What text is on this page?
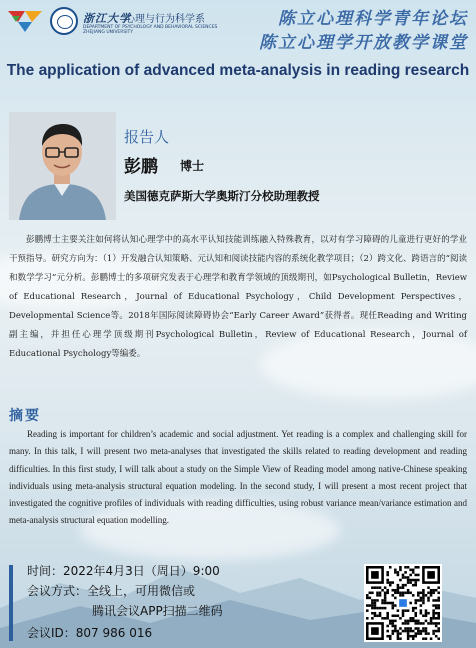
浙江大学
心理与行为科学系
DEPARTMENT OF PSYCHOLOGY AND BEHAVIORAL SCIENCES
ZHEJIANG UNIVERSITY
陈立心理科学青年论坛
陈立心理学开放教学课堂
The application of advanced meta-analysis in reading research
报告人
彭鹏 博士
美国德克萨斯大学奥斯汀分校助理教授

彭鹏博士主要关注如何将认知心理学中的高水平认知技能训练融入特殊教育，以对有学习障碍的儿童进行更好的学业干预指导。研究方向为：（1）开发融合认知策略、元认知和阅读技能内容的系统化教学项目；（2）跨文化、跨语言的“阅读和数学学习”元分析。彭鹏博士的多项研究发表于心理学和教育学领域的顶级期刊，如Psychological Bulletin，Review of Educational Research，Journal of Educational Psychology，Child Development Perspectives，Developmental Science等。2018年国际阅读障碍协会“Early Career Award”获得者。现任Reading and Writing副主编，并担任心理学顶级期刊Psychological Bulletin，Review of Educational Research，Journal of Educational Psychology等编委。

摘要

Reading is important for children’s academic and social adjustment. Yet reading is a complex and challenging skill for many. In this talk, I will present two meta-analyses that investigated the skills related to reading development and reading difficulties. In this first study, I will talk about a study on the Simple View of Reading model among native-Chinese speaking individuals using meta-analysis structural equation modeling. In the second study, I will present a most recent project that investigated the cognitive profiles of individuals with reading difficulties, using robust variance mean/variance estimation and meta-analysis structural equation modelling.

时间：2022年4月3日（周日）9:00
会议方式：全线上，可用微信或
腾讯会议APP扫描二维码
会议ID：807 986 016
